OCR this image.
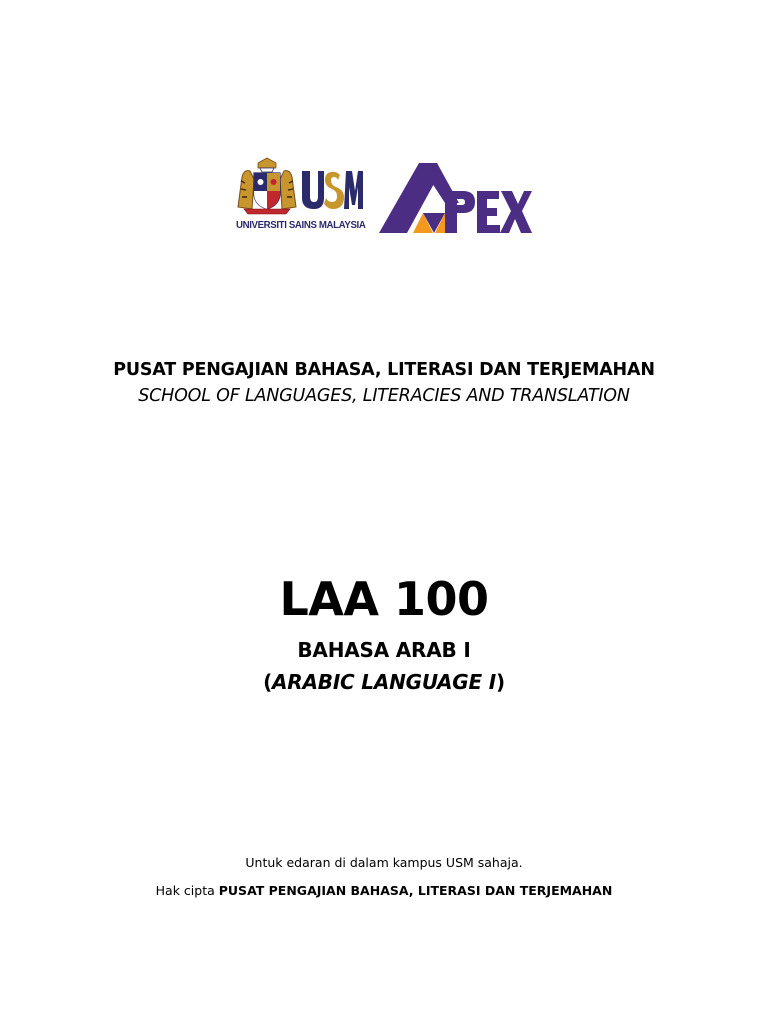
UNIVERSITI SAINS MALAYSIA
PUSAT PENGAJIAN BAHASA, LITERASI DAN TERJEMAHAN
SCHOOL OF LANGUAGES, LITERACIES AND TRANSLATION
LAA 100
BAHASA ARAB I
(ARABIC LANGUAGE I)
Untuk edaran di dalam kampus USM sahaja.
Hak cipta PUSAT PENGAJIAN BAHASA, LITERASI DAN TERJEMAHAN
